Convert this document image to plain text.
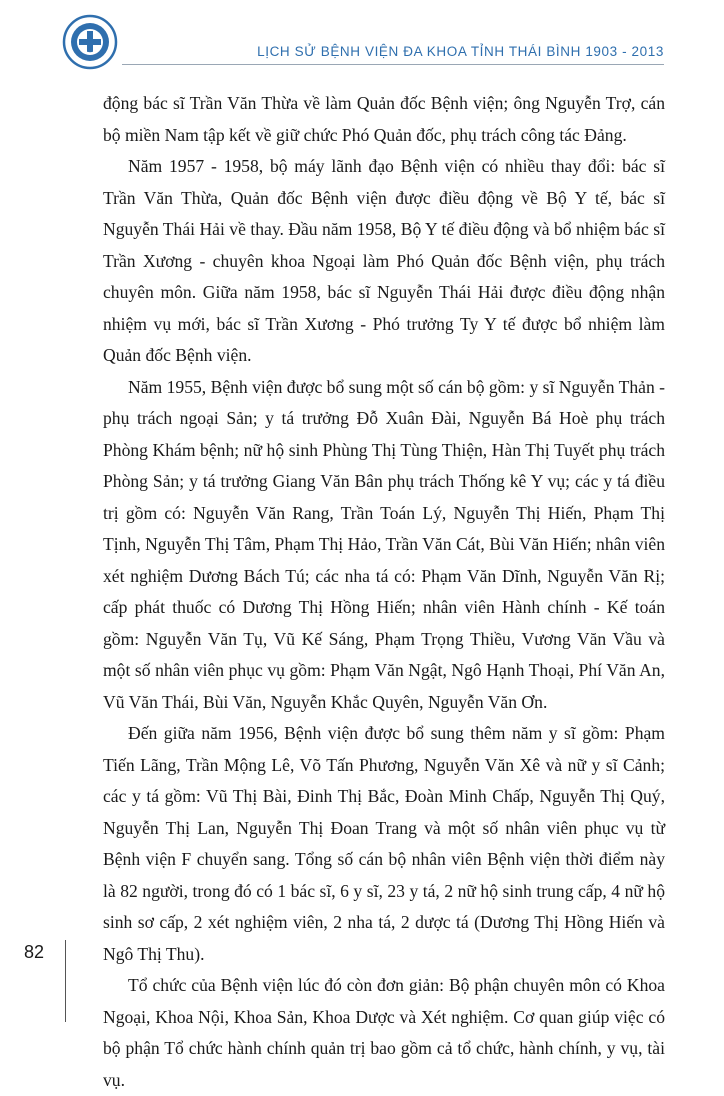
LỊCH SỬ BỆNH VIỆN ĐA KHOA TỈNH THÁI BÌNH 1903 - 2013

động bác sĩ Trần Văn Thừa về làm Quản đốc Bệnh viện; ông Nguyễn Trợ, cán bộ miền Nam tập kết về giữ chức Phó Quản đốc, phụ trách công tác Đảng.

Năm 1957 - 1958, bộ máy lãnh đạo Bệnh viện có nhiều thay đổi: bác sĩ Trần Văn Thừa, Quản đốc Bệnh viện được điều động về Bộ Y tế, bác sĩ Nguyễn Thái Hải về thay. Đầu năm 1958, Bộ Y tế điều động và bổ nhiệm bác sĩ Trần Xương - chuyên khoa Ngoại làm Phó Quản đốc Bệnh viện, phụ trách chuyên môn. Giữa năm 1958, bác sĩ Nguyễn Thái Hải được điều động nhận nhiệm vụ mới, bác sĩ Trần Xương - Phó trưởng Ty Y tế được bổ nhiệm làm Quản đốc Bệnh viện.

Năm 1955, Bệnh viện được bổ sung một số cán bộ gồm: y sĩ Nguyễn Thản - phụ trách ngoại Sản; y tá trưởng Đỗ Xuân Đài, Nguyễn Bá Hoè phụ trách Phòng Khám bệnh; nữ hộ sinh Phùng Thị Tùng Thiện, Hàn Thị Tuyết phụ trách Phòng Sản; y tá trưởng Giang Văn Bân phụ trách Thống kê Y vụ; các y tá điều trị gồm có: Nguyễn Văn Rang, Trần Toán Lý, Nguyễn Thị Hiến, Phạm Thị Tịnh, Nguyễn Thị Tâm, Phạm Thị Hảo, Trần Văn Cát, Bùi Văn Hiến; nhân viên xét nghiệm Dương Bách Tú; các nha tá có: Phạm Văn Dĩnh, Nguyễn Văn Rị; cấp phát thuốc có Dương Thị Hồng Hiến; nhân viên Hành chính - Kế toán gồm: Nguyễn Văn Tụ, Vũ Kế Sáng, Phạm Trọng Thiều, Vương Văn Vầu và một số nhân viên phục vụ gồm: Phạm Văn Ngật, Ngô Hạnh Thoại, Phí Văn An, Vũ Văn Thái, Bùi Văn, Nguyễn Khắc Quyên, Nguyễn Văn Ơn.

Đến giữa năm 1956, Bệnh viện được bổ sung thêm năm y sĩ gồm: Phạm Tiến Lãng, Trần Mộng Lê, Võ Tấn Phương, Nguyễn Văn Xê và nữ y sĩ Cảnh; các y tá gồm: Vũ Thị Bài, Đinh Thị Bắc, Đoàn Minh Chấp, Nguyễn Thị Quý, Nguyễn Thị Lan, Nguyễn Thị Đoan Trang và một số nhân viên phục vụ từ Bệnh viện F chuyển sang. Tổng số cán bộ nhân viên Bệnh viện thời điểm này là 82 người, trong đó có 1 bác sĩ, 6 y sĩ, 23 y tá, 2 nữ hộ sinh trung cấp, 4 nữ hộ sinh sơ cấp, 2 xét nghiệm viên, 2 nha tá, 2 dược tá (Dương Thị Hồng Hiến và Ngô Thị Thu).

Tổ chức của Bệnh viện lúc đó còn đơn giản: Bộ phận chuyên môn có Khoa Ngoại, Khoa Nội, Khoa Sản, Khoa Dược và Xét nghiệm. Cơ quan giúp việc có bộ phận Tổ chức hành chính quản trị bao gồm cả tổ chức, hành chính, y vụ, tài vụ.

82
